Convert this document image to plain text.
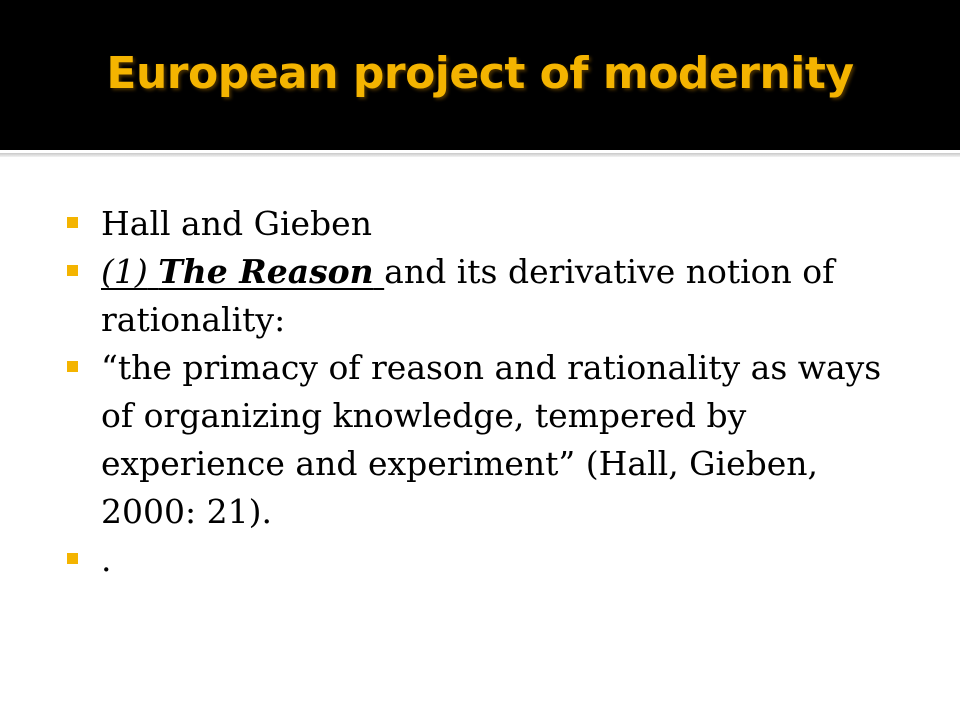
European project of modernity
Hall and Gieben
(1) The Reason and its derivative notion of rationality:
“the primacy of reason and rationality as ways of organizing knowledge, tempered by experience and experiment” (Hall, Gieben, 2000: 21).
.
